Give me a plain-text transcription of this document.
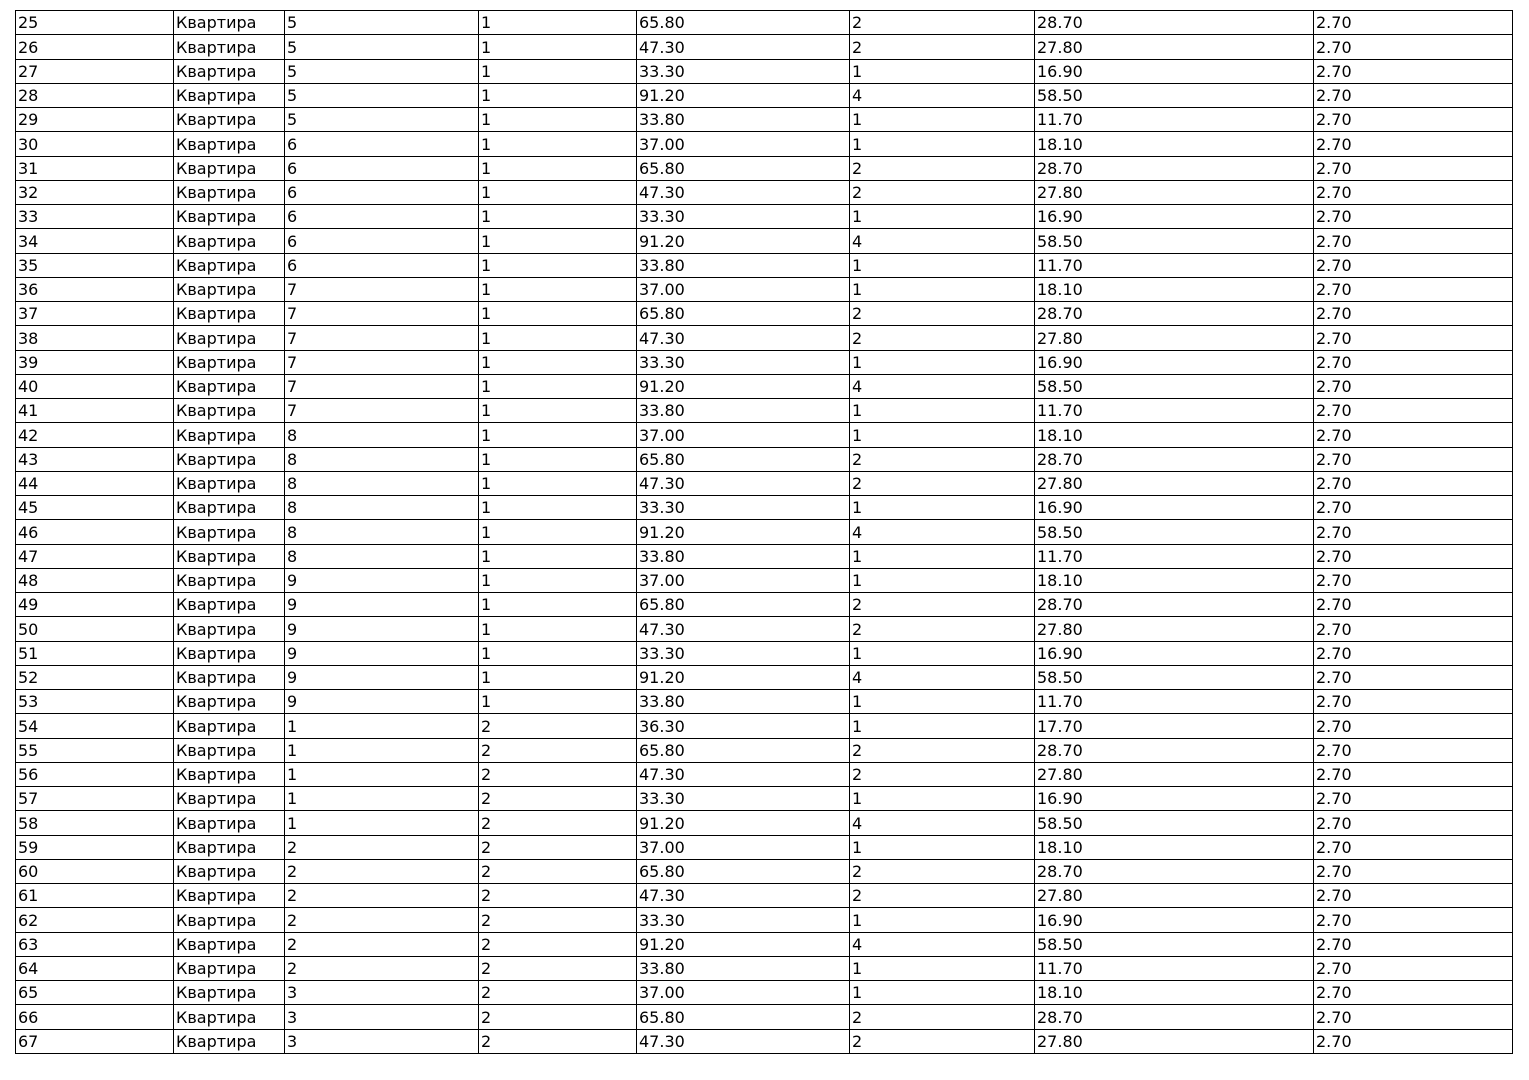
25	Квартира	5	1	65.80	2	28.70	2.70
26	Квартира	5	1	47.30	2	27.80	2.70
27	Квартира	5	1	33.30	1	16.90	2.70
28	Квартира	5	1	91.20	4	58.50	2.70
29	Квартира	5	1	33.80	1	11.70	2.70
30	Квартира	6	1	37.00	1	18.10	2.70
31	Квартира	6	1	65.80	2	28.70	2.70
32	Квартира	6	1	47.30	2	27.80	2.70
33	Квартира	6	1	33.30	1	16.90	2.70
34	Квартира	6	1	91.20	4	58.50	2.70
35	Квартира	6	1	33.80	1	11.70	2.70
36	Квартира	7	1	37.00	1	18.10	2.70
37	Квартира	7	1	65.80	2	28.70	2.70
38	Квартира	7	1	47.30	2	27.80	2.70
39	Квартира	7	1	33.30	1	16.90	2.70
40	Квартира	7	1	91.20	4	58.50	2.70
41	Квартира	7	1	33.80	1	11.70	2.70
42	Квартира	8	1	37.00	1	18.10	2.70
43	Квартира	8	1	65.80	2	28.70	2.70
44	Квартира	8	1	47.30	2	27.80	2.70
45	Квартира	8	1	33.30	1	16.90	2.70
46	Квартира	8	1	91.20	4	58.50	2.70
47	Квартира	8	1	33.80	1	11.70	2.70
48	Квартира	9	1	37.00	1	18.10	2.70
49	Квартира	9	1	65.80	2	28.70	2.70
50	Квартира	9	1	47.30	2	27.80	2.70
51	Квартира	9	1	33.30	1	16.90	2.70
52	Квартира	9	1	91.20	4	58.50	2.70
53	Квартира	9	1	33.80	1	11.70	2.70
54	Квартира	1	2	36.30	1	17.70	2.70
55	Квартира	1	2	65.80	2	28.70	2.70
56	Квартира	1	2	47.30	2	27.80	2.70
57	Квартира	1	2	33.30	1	16.90	2.70
58	Квартира	1	2	91.20	4	58.50	2.70
59	Квартира	2	2	37.00	1	18.10	2.70
60	Квартира	2	2	65.80	2	28.70	2.70
61	Квартира	2	2	47.30	2	27.80	2.70
62	Квартира	2	2	33.30	1	16.90	2.70
63	Квартира	2	2	91.20	4	58.50	2.70
64	Квартира	2	2	33.80	1	11.70	2.70
65	Квартира	3	2	37.00	1	18.10	2.70
66	Квартира	3	2	65.80	2	28.70	2.70
67	Квартира	3	2	47.30	2	27.80	2.70
